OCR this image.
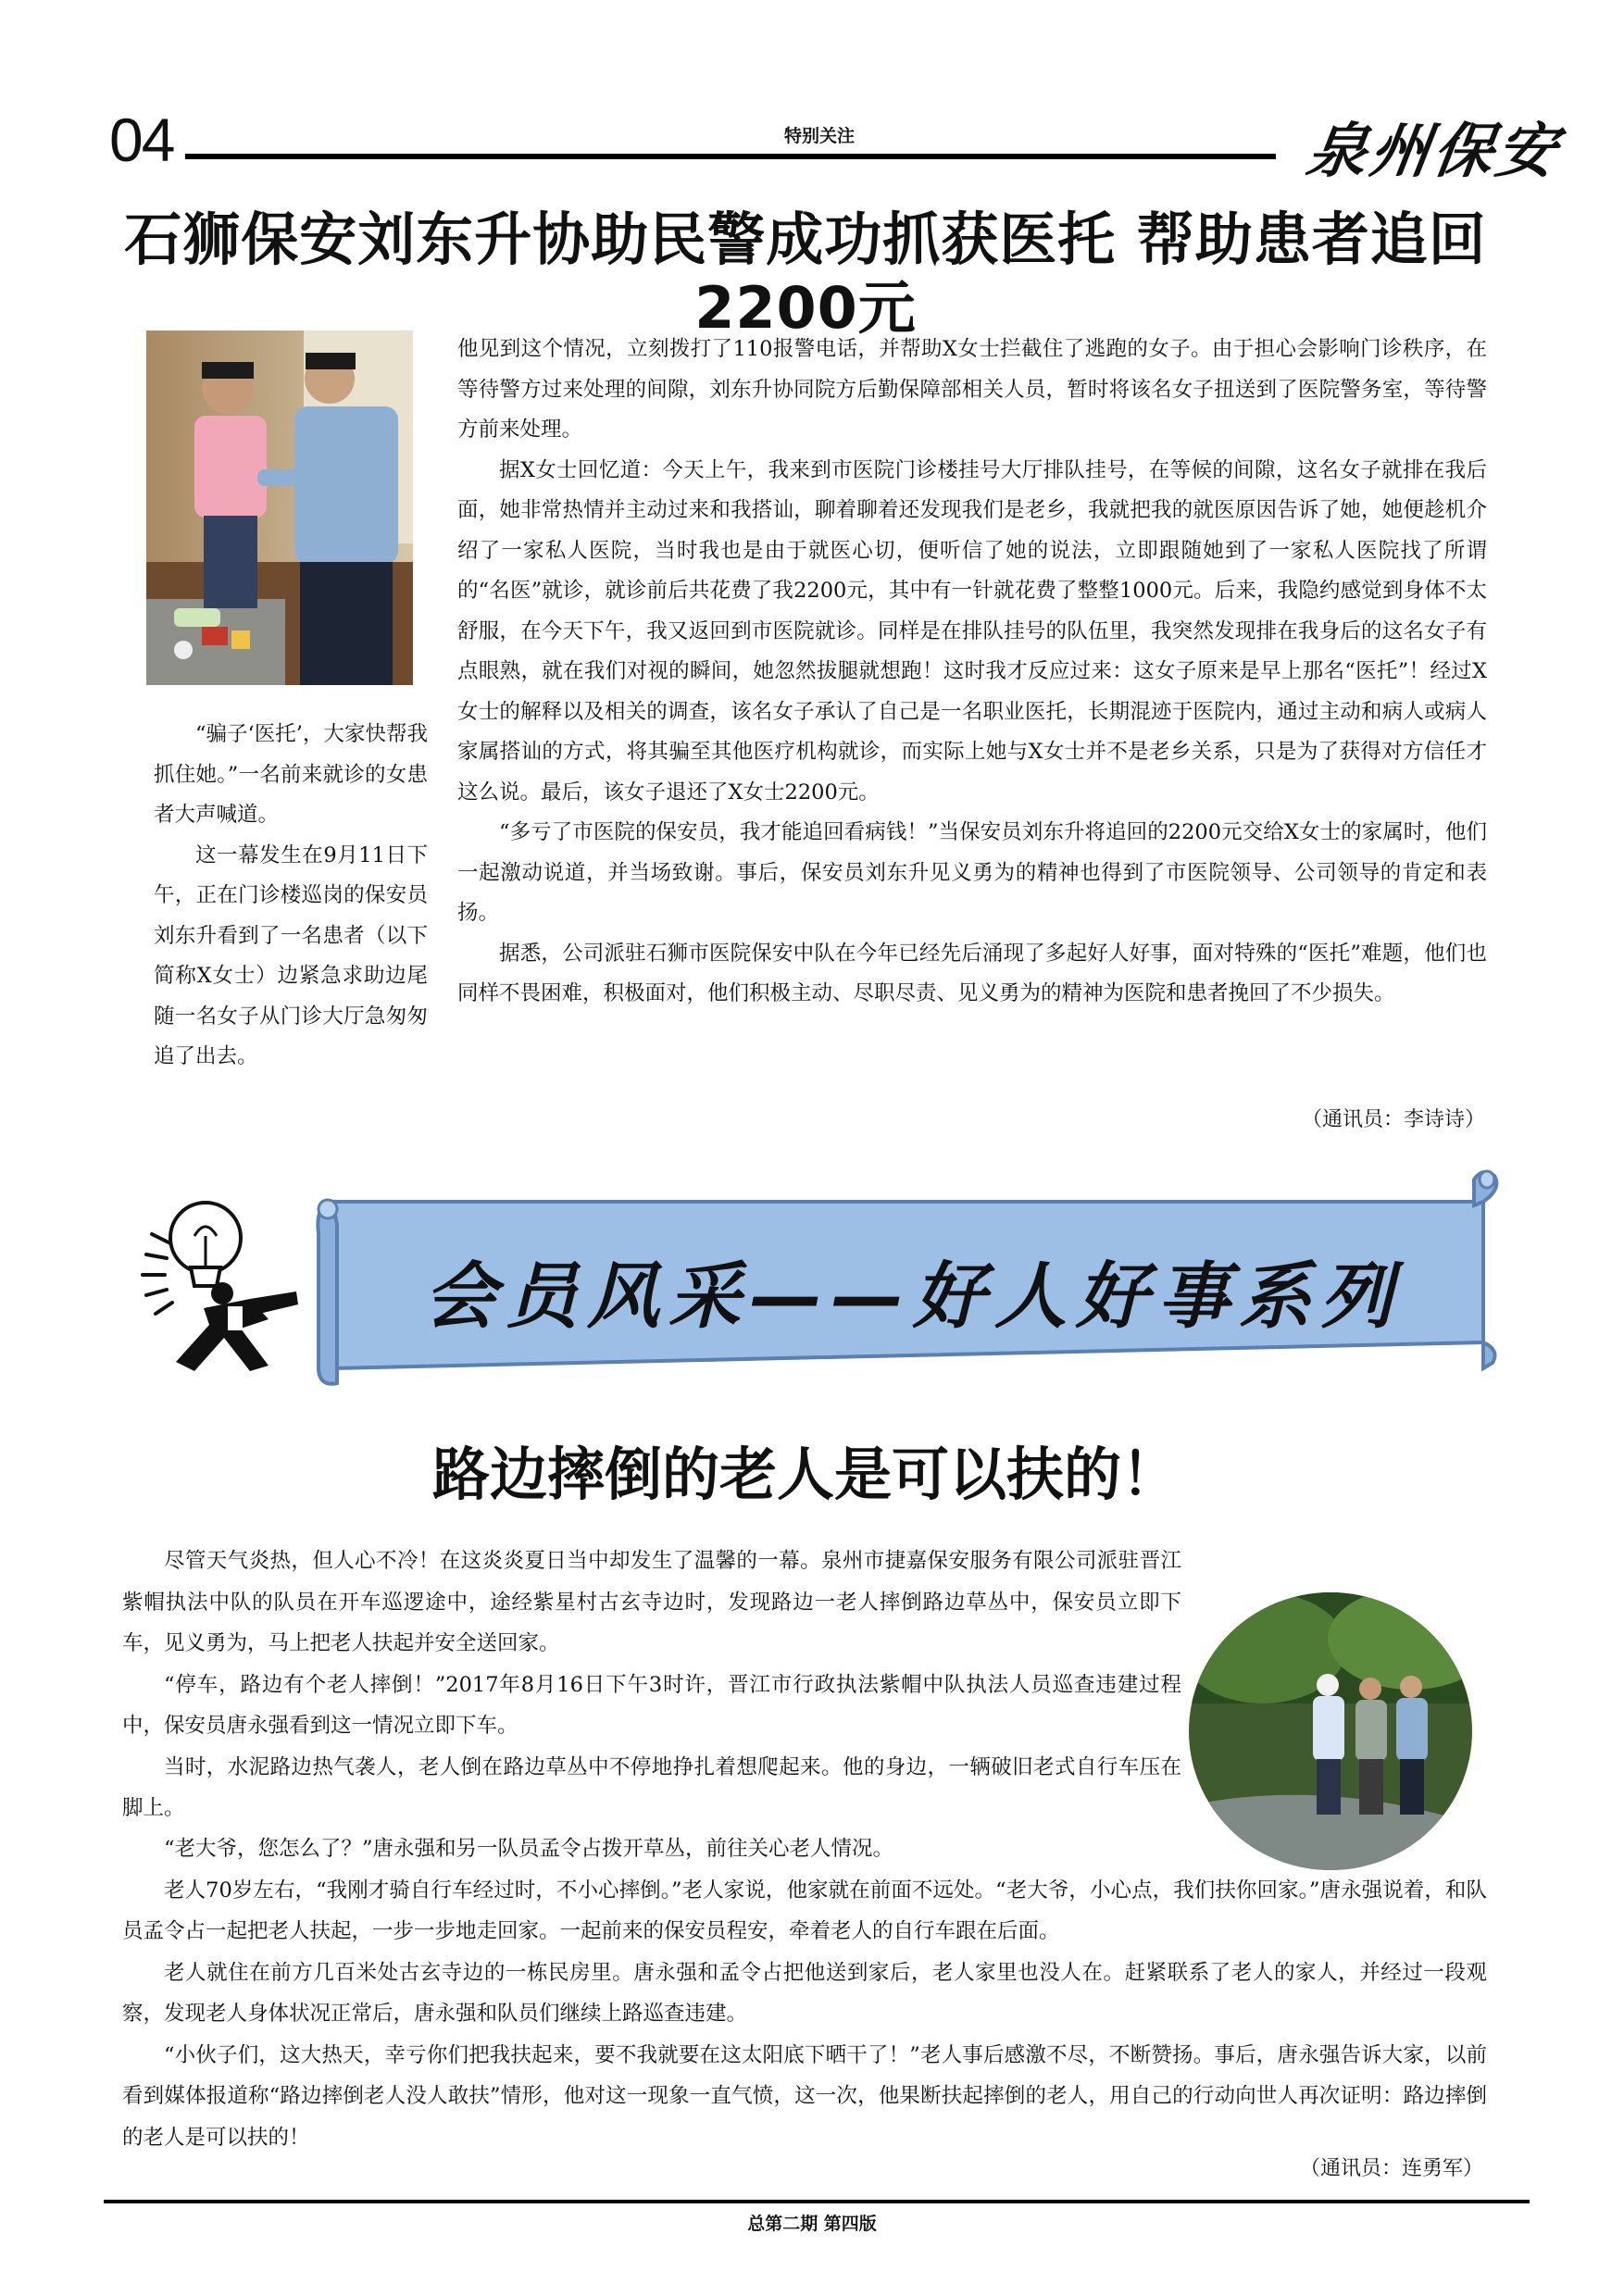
04	特别关注	泉州保安
石狮保安刘东升协助民警成功抓获医托 帮助患者追回2200元

“骗子‘医托’，大家快帮我抓住她。”一名前来就诊的女患者大声喊道。

这一幕发生在9月11日下午，正在门诊楼巡岗的保安员刘东升看到了一名患者（以下简称X女士）边紧急求助边尾随一名女子从门诊大厅急匆匆追了出去。

他见到这个情况，立刻拨打了110报警电话，并帮助X女士拦截住了逃跑的女子。由于担心会影响门诊秩序，在等待警方过来处理的间隙，刘东升协同院方后勤保障部相关人员，暂时将该名女子扭送到了医院警务室，等待警方前来处理。

据X女士回忆道：今天上午，我来到市医院门诊楼挂号大厅排队挂号，在等候的间隙，这名女子就排在我后面，她非常热情并主动过来和我搭讪，聊着聊着还发现我们是老乡，我就把我的就医原因告诉了她，她便趁机介绍了一家私人医院，当时我也是由于就医心切，便听信了她的说法，立即跟随她到了一家私人医院找了所谓的“名医”就诊，就诊前后共花费了我2200元，其中有一针就花费了整整1000元。后来，我隐约感觉到身体不太舒服，在今天下午，我又返回到市医院就诊。同样是在排队挂号的队伍里，我突然发现排在我身后的这名女子有点眼熟，就在我们对视的瞬间，她忽然拔腿就想跑！这时我才反应过来：这女子原来是早上那名“医托”！经过X女士的解释以及相关的调查，该名女子承认了自己是一名职业医托，长期混迹于医院内，通过主动和病人或病人家属搭讪的方式，将其骗至其他医疗机构就诊，而实际上她与X女士并不是老乡关系，只是为了获得对方信任才这么说。最后，该女子退还了X女士2200元。

“多亏了市医院的保安员，我才能追回看病钱！”当保安员刘东升将追回的2200元交给X女士的家属时，他们一起激动说道，并当场致谢。事后，保安员刘东升见义勇为的精神也得到了市医院领导、公司领导的肯定和表扬。

据悉，公司派驻石狮市医院保安中队在今年已经先后涌现了多起好人好事，面对特殊的“医托”难题，他们也同样不畏困难，积极面对，他们积极主动、尽职尽责、见义勇为的精神为医院和患者挽回了不少损失。

（通讯员：李诗诗）
会员风采——好人好事系列
路边摔倒的老人是可以扶的！

尽管天气炎热，但人心不冷！在这炎炎夏日当中却发生了温馨的一幕。泉州市捷嘉保安服务有限公司派驻晋江紫帽执法中队的队员在开车巡逻途中，途经紫星村古玄寺边时，发现路边一老人摔倒路边草丛中，保安员立即下车，见义勇为，马上把老人扶起并安全送回家。

“停车，路边有个老人摔倒！”2017年8月16日下午3时许，晋江市行政执法紫帽中队执法人员巡查违建过程中，保安员唐永强看到这一情况立即下车。

当时，水泥路边热气袭人，老人倒在路边草丛中不停地挣扎着想爬起来。他的身边，一辆破旧老式自行车压在脚上。

“老大爷，您怎么了？”唐永强和另一队员孟令占拨开草丛，前往关心老人情况。

老人70岁左右，“我刚才骑自行车经过时，不小心摔倒。”老人家说，他家就在前面不远处。“老大爷，小心点，我们扶你回家。”唐永强说着，和队员孟令占一起把老人扶起，一步一步地走回家。一起前来的保安员程安，牵着老人的自行车跟在后面。

老人就住在前方几百米处古玄寺边的一栋民房里。唐永强和孟令占把他送到家后，老人家里也没人在。赶紧联系了老人的家人，并经过一段观察，发现老人身体状况正常后，唐永强和队员们继续上路巡查违建。

“小伙子们，这大热天，幸亏你们把我扶起来，要不我就要在这太阳底下晒干了！”老人事后感激不尽，不断赞扬。事后，唐永强告诉大家，以前看到媒体报道称“路边摔倒老人没人敢扶”情形，他对这一现象一直气愤，这一次，他果断扶起摔倒的老人，用自己的行动向世人再次证明：路边摔倒的老人是可以扶的！

（通讯员：连勇军）
总第二期 第四版
